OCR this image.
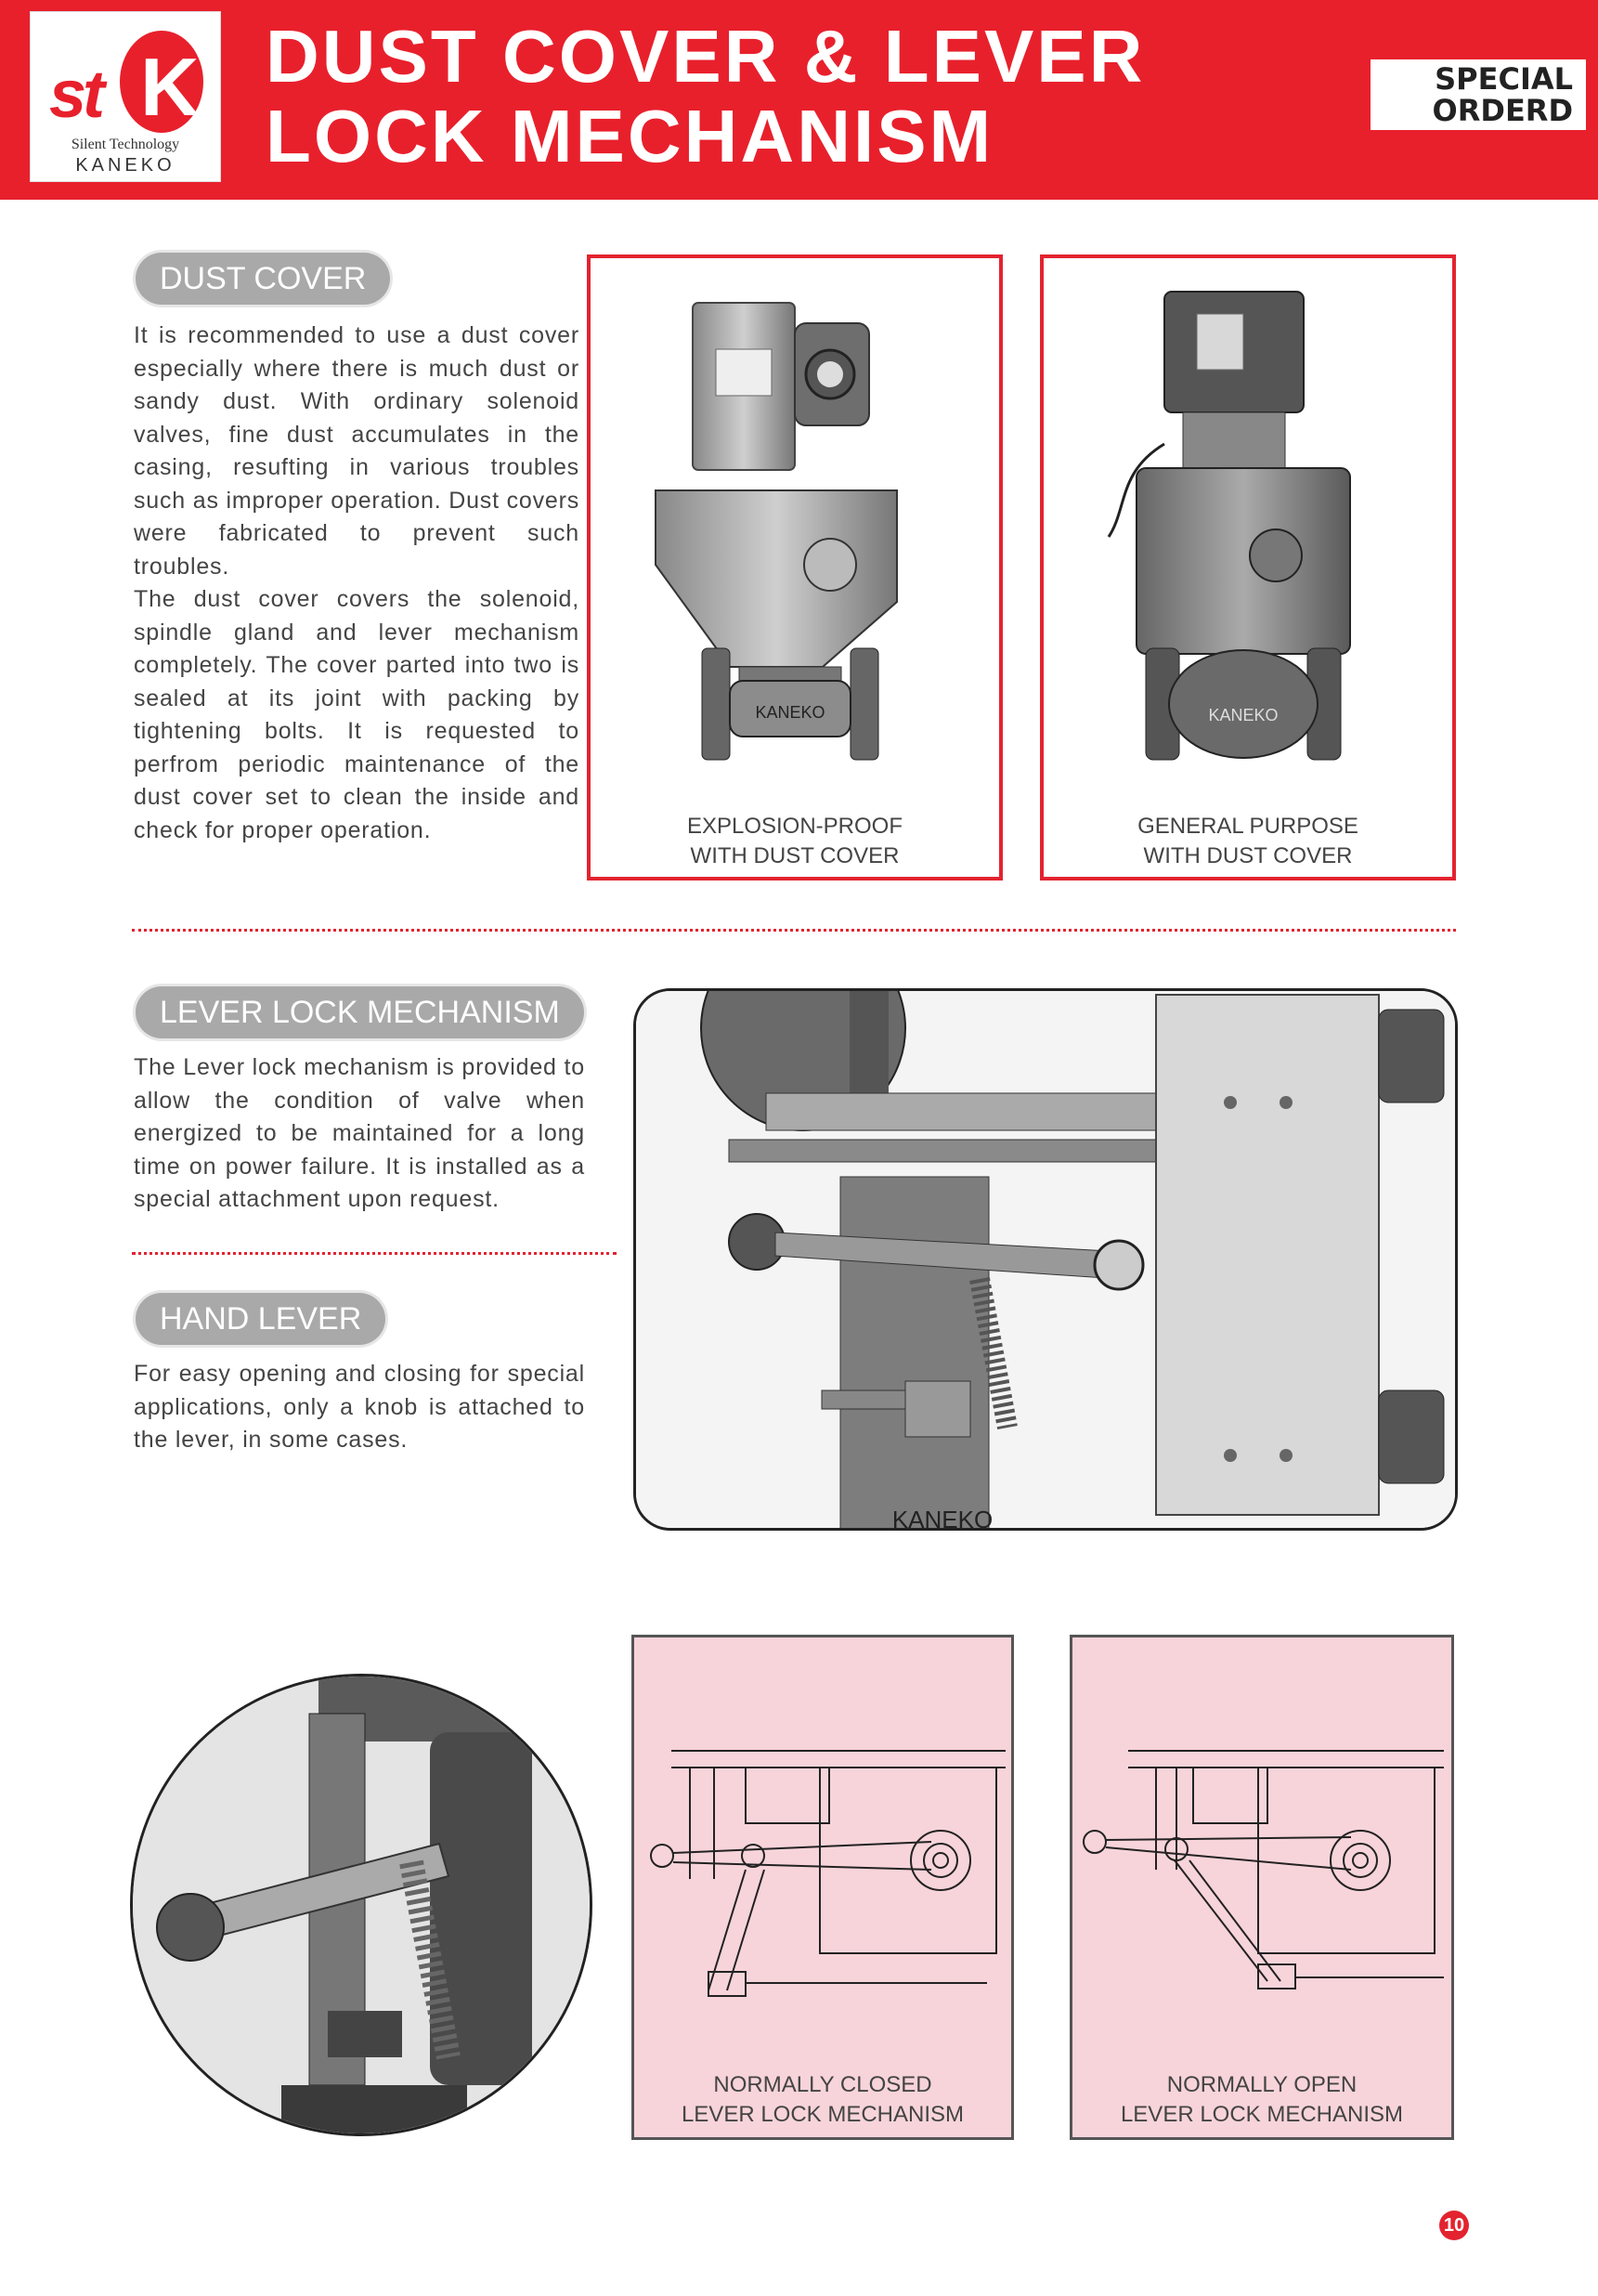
K
st
Silent Technology
KANEKO
DUST COVER & LEVER
LOCK MECHANISM
SPECIAL
ORDERD
DUST COVER

It is recommended to use a dust cover especially where there is much dust or sandy dust. With ordinary solenoid valves, fine dust accumulates in the casing, resufting in various troubles such as improper operation. Dust covers were fabricated to prevent such troubles.

The dust cover covers the solenoid, spindle gland and lever mechanism completely. The cover parted into two is sealed at its joint with packing by tightening bolts. It is requested to perfrom periodic maintenance of the dust cover set to clean the inside and check for proper operation.

KANEKO
EXPLOSION-PROOF
WITH DUST COVER
KANEKO
GENERAL PURPOSE
WITH DUST COVER
LEVER LOCK MECHANISM
The Lever lock mechanism is provided to allow the condition of valve when energized to be maintained for a long time on power failure. It is installed as a special attachment upon request.
HAND LEVER
For easy opening and closing for special applications, only a knob is attached to the lever, in some cases.
KANEKO
NORMALLY CLOSED
LEVER LOCK MECHANISM
NORMALLY OPEN
LEVER LOCK MECHANISM
10
